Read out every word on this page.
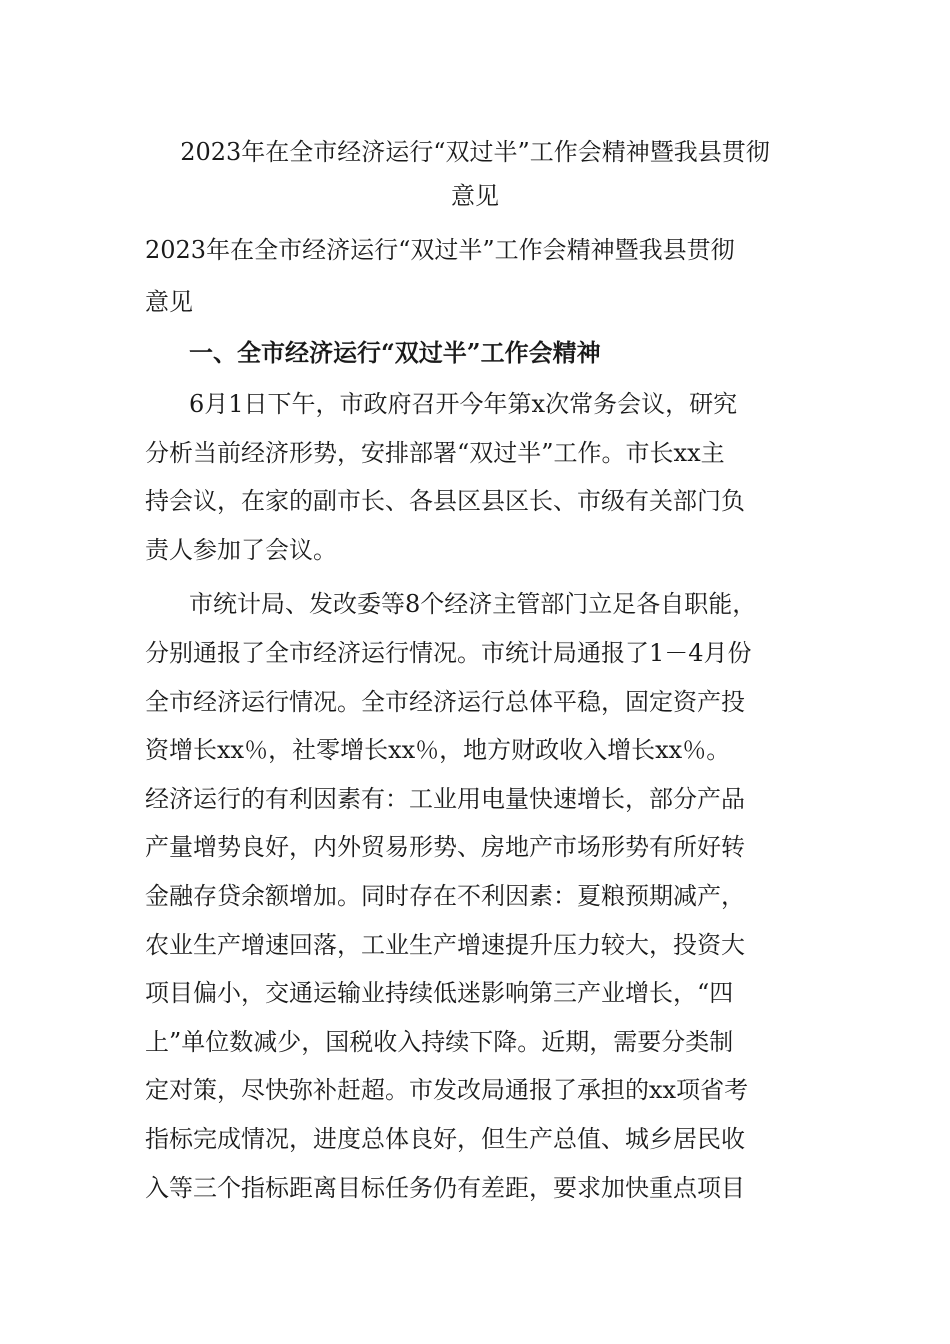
2023年在全市经济运行“双过半”工作会精神暨我县贯彻
意见

2023年在全市经济运行“双过半”工作会精神暨我县贯彻
意见

一、全市经济运行“双过半”工作会精神

6月1日下午，市政府召开今年第x次常务会议，研究
分析当前经济形势，安排部署“双过半”工作。市长xx主
持会议，在家的副市长、各县区县区长、市级有关部门负
责人参加了会议。

市统计局、发改委等8个经济主管部门立足各自职能，
分别通报了全市经济运行情况。市统计局通报了1－4月份
全市经济运行情况。全市经济运行总体平稳，固定资产投
资增长xx％，社零增长xx％，地方财政收入增长xx％。
经济运行的有利因素有：工业用电量快速增长，部分产品
产量增势良好，内外贸易形势、房地产市场形势有所好转
金融存贷余额增加。同时存在不利因素：夏粮预期减产，
农业生产增速回落，工业生产增速提升压力较大，投资大
项目偏小，交通运输业持续低迷影响第三产业增长，“四
上”单位数减少，国税收入持续下降。近期，需要分类制
定对策，尽快弥补赶超。市发改局通报了承担的xx项省考
指标完成情况，进度总体良好，但生产总值、城乡居民收
入等三个指标距离目标任务仍有差距，要求加快重点项目
